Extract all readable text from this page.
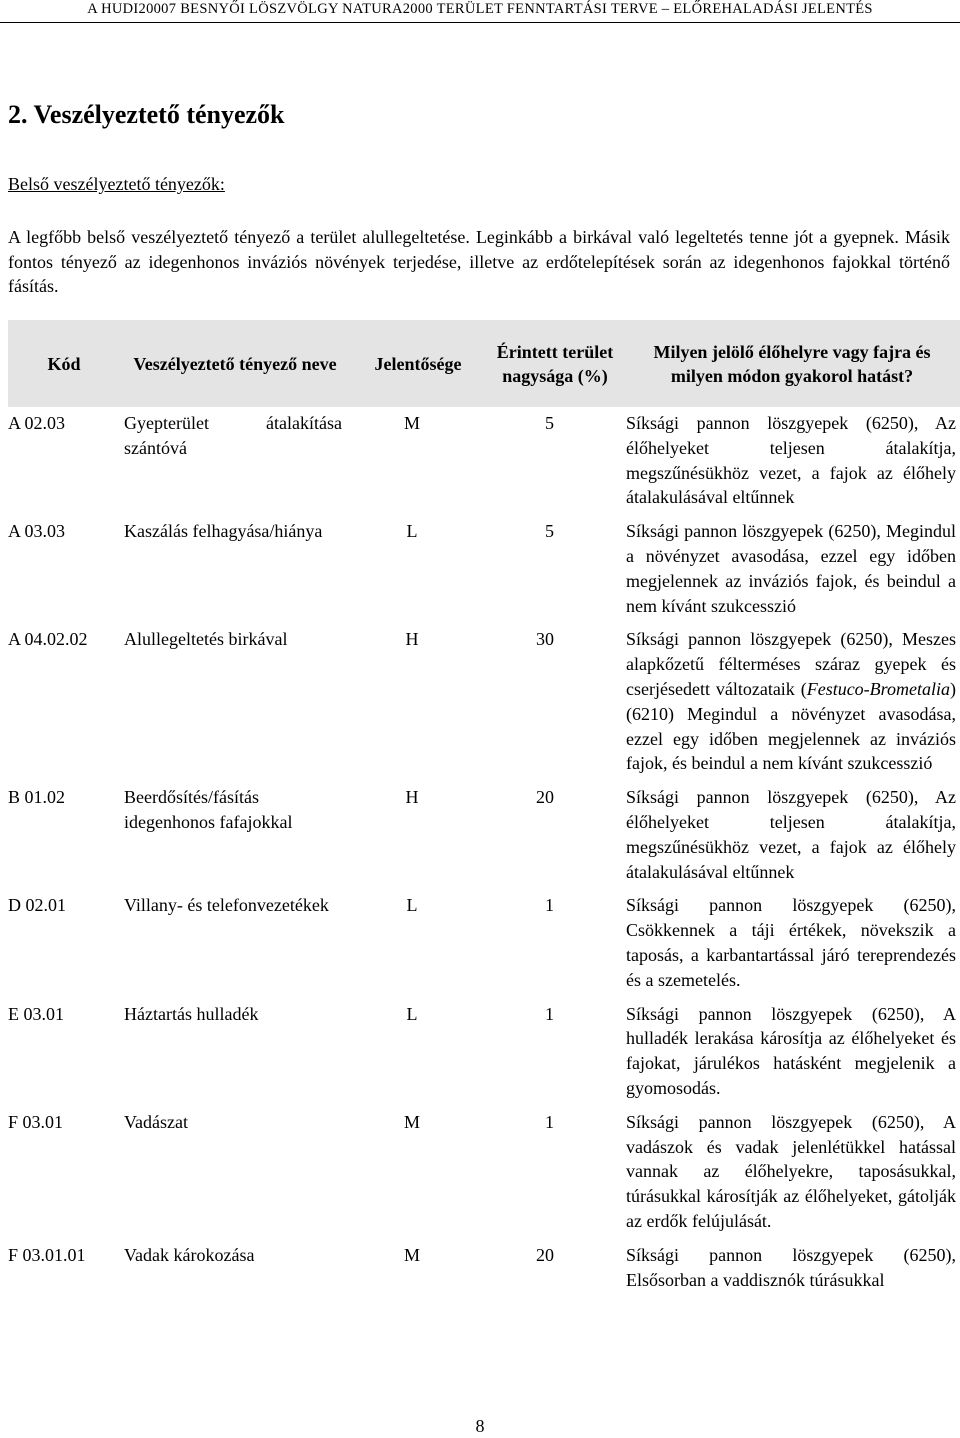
A HUDI20007 BESNYŐI LÖSZVÖLGY NATURA2000 TERÜLET FENNTARTÁSI TERVE – ELŐREHALADÁSI JELENTÉS
2. Veszélyeztető tényezők
Belső veszélyeztető tényezők:

A legfőbb belső veszélyeztető tényező a terület alullegeltetése. Leginkább a birkával való legeltetés tenne jót a gyepnek. Másik fontos tényező az idegenhonos inváziós növények terjedése, illetve az erdőtelepítések során az idegenhonos fajokkal történő fásítás.

Kód	Veszélyeztető tényező neve	Jelentősége	Érintett terület nagysága (%)	Milyen jelölő élőhelyre vagy fajra és milyen módon gyakorol hatást?
A 02.03	Gyepterület átalakítása szántóvá	M	5	Síksági pannon löszgyepek (6250), Az élőhelyeket teljesen átalakítja, megszűnésükhöz vezet, a fajok az élőhely átalakulásával eltűnnek
A 03.03	Kaszálás felhagyása/hiánya	L	5	Síksági pannon löszgyepek (6250), Megindul a növényzet avasodása, ezzel egy időben megjelennek az inváziós fajok, és beindul a nem kívánt szukcesszió
A 04.02.02	Alullegeltetés birkával	H	30	Síksági pannon löszgyepek (6250), Meszes alapkőzetű félterméses száraz gyepek és cserjésedett változataik (Festuco-Brometalia) (6210) Megindul a növényzet avasodása, ezzel egy időben megjelennek az inváziós fajok, és beindul a nem kívánt szukcesszió
B 01.02	Beerdősítés/fásítás idegenhonos fafajokkal	H	20	Síksági pannon löszgyepek (6250), Az élőhelyeket teljesen átalakítja, megszűnésükhöz vezet, a fajok az élőhely átalakulásával eltűnnek
D 02.01	Villany- és telefonvezetékek	L	1	Síksági pannon löszgyepek (6250), Csökkennek a táji értékek, növekszik a taposás, a karbantartással járó tereprendezés és a szemetelés.
E 03.01	Háztartás hulladék	L	1	Síksági pannon löszgyepek (6250), A hulladék lerakása károsítja az élőhelyeket és fajokat, járulékos hatásként megjelenik a gyomosodás.
F 03.01	Vadászat	M	1	Síksági pannon löszgyepek (6250), A vadászok és vadak jelenlétükkel hatással vannak az élőhelyekre, taposásukkal, túrásukkal károsítják az élőhelyeket, gátolják az erdők felújulását.
F 03.01.01	Vadak károkozása	M	20	Síksági pannon löszgyepek (6250), Elsősorban a vaddisznók túrásukkal
8
